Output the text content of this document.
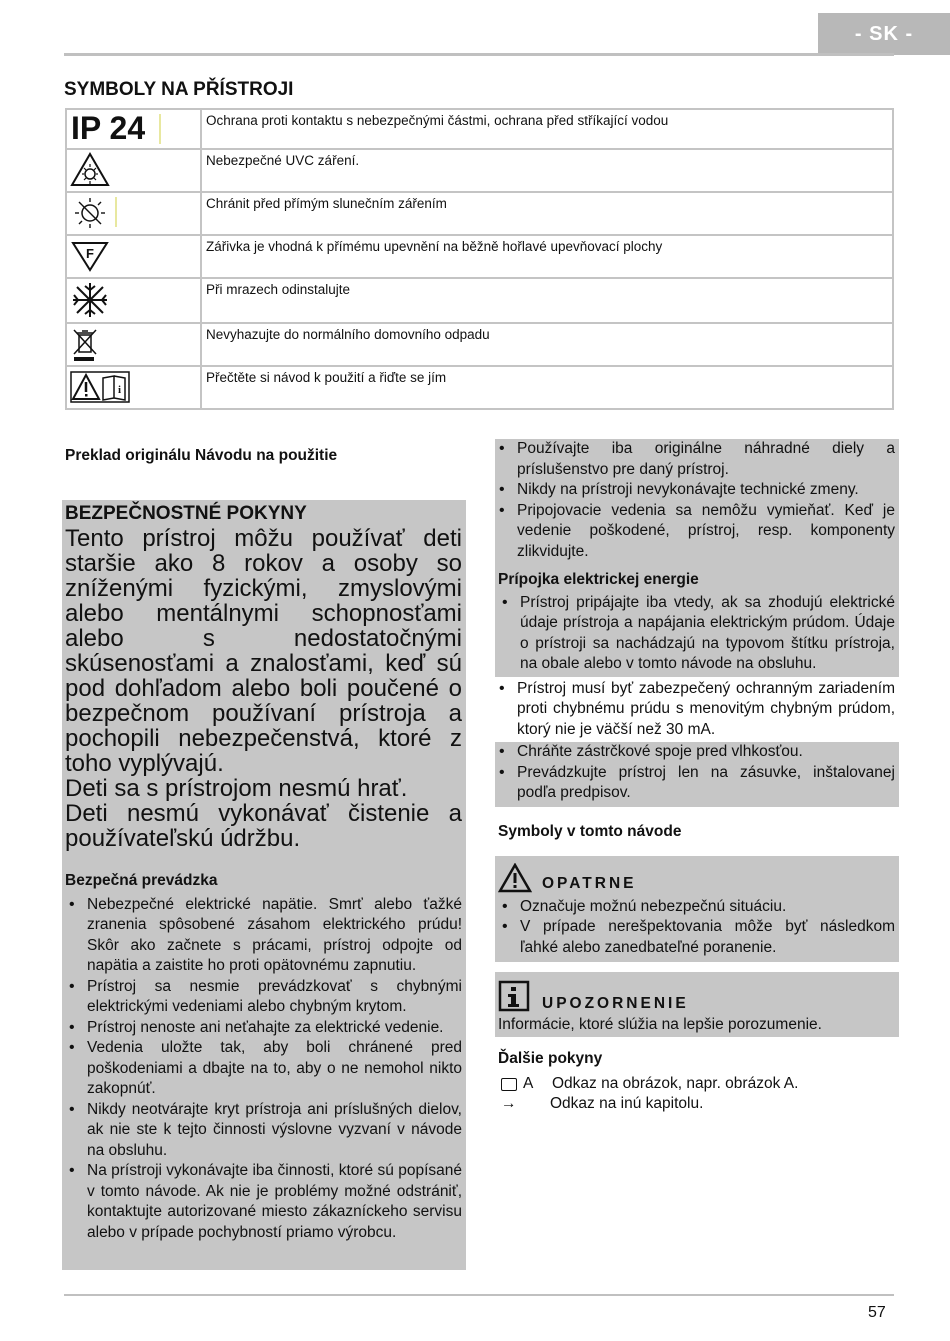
- SK -
SYMBOLY NA PŘÍSTROJI
IP 24	Ochrana proti kontaktu s nebezpečnými částmi, ochrana před stříkající vodou
	Nebezpečné UVC záření.

	Chránit před přímým slunečním zářením

F	Zářivka je vhodná k přímému upevnění na běžně hořlavé upevňovací plochy
	Při mrazech odinstalujte
	Nevyhazujte do normálního domovního odpadu

i	Přečtěte si návod k použití a řiďte se jím
Preklad originálu Návodu na použitie
BEZPEČNOSTNÉ POKYNY
Tento prístroj môžu používať deti staršie ako 8 rokov a osoby so zníženými fyzickými, zmyslovými alebo mentálnymi schopnosťami alebo s nedostatočnými skúsenosťami a znalosťami, keď sú pod dohľadom alebo boli poučené o bezpečnom používaní prístroja a pochopili nebezpečenstvá, ktoré z toho vyplývajú.
Deti sa s prístrojom nesmú hrať.
Deti nesmú vykonávať čistenie a používateľskú údržbu.
Bezpečná prevádzka
• Nebezpečné elektrické napätie. Smrť alebo ťažké zranenia spôsobené zásahom elektrického prúdu! Skôr ako začnete s prácami, prístroj odpojte od napätia a zaistite ho proti opätovnému zapnutiu.
• Prístroj sa nesmie prevádzkovať s chybnými elektrickými vedeniami alebo chybným krytom.
• Prístroj nenoste ani neťahajte za elektrické vedenie.
• Vedenia uložte tak, aby boli chránené pred poškodeniami a dbajte na to, aby o ne nemohol nikto zakopnúť.
• Nikdy neotvárajte kryt prístroja ani príslušných dielov, ak nie ste k tejto činnosti výslovne vyzvaní v návode na obsluhu.
• Na prístroji vykonávajte iba činnosti, ktoré sú popísané v tomto návode. Ak nie je problémy možné odstrániť, kontaktujte autorizované miesto zákazníckeho servisu alebo v prípade pochybností priamo výrobcu.
• Používajte iba originálne náhradné diely a príslušenstvo pre daný prístroj.
• Nikdy na prístroji nevykonávajte technické zmeny.
• Pripojovacie vedenia sa nemôžu vymieňať. Keď je vedenie poškodené, prístroj, resp. komponenty zlikvidujte.
Prípojka elektrickej energie
• Prístroj pripájajte iba vtedy, ak sa zhodujú elektrické údaje prístroja a napájania elektrickým prúdom. Údaje o prístroji sa nachádzajú na typovom štítku prístroja, na obale alebo v tomto návode na obsluhu.
• Prístroj musí byť zabezpečený ochranným zariadením proti chybnému prúdu s menovitým chybným prúdom, ktorý nie je väčší než 30 mA.
• Chráňte zástrčkové spoje pred vlhkosťou.
• Prevádzkujte prístroj len na zásuvke, inštalovanej podľa predpisov.
Symboly v tomto návode
OPATRNE
• Označuje možnú nebezpečnú situáciu.
• V prípade nerešpektovania môže byť následkom ľahké alebo zanedbateľné poranenie.
UPOZORNENIE
Informácie, ktoré slúžia na lepšie porozumenie.
Ďalšie pokyny
A	Odkaz na obrázok, napr. obrázok A.
→	Odkaz na inú kapitolu.
57
